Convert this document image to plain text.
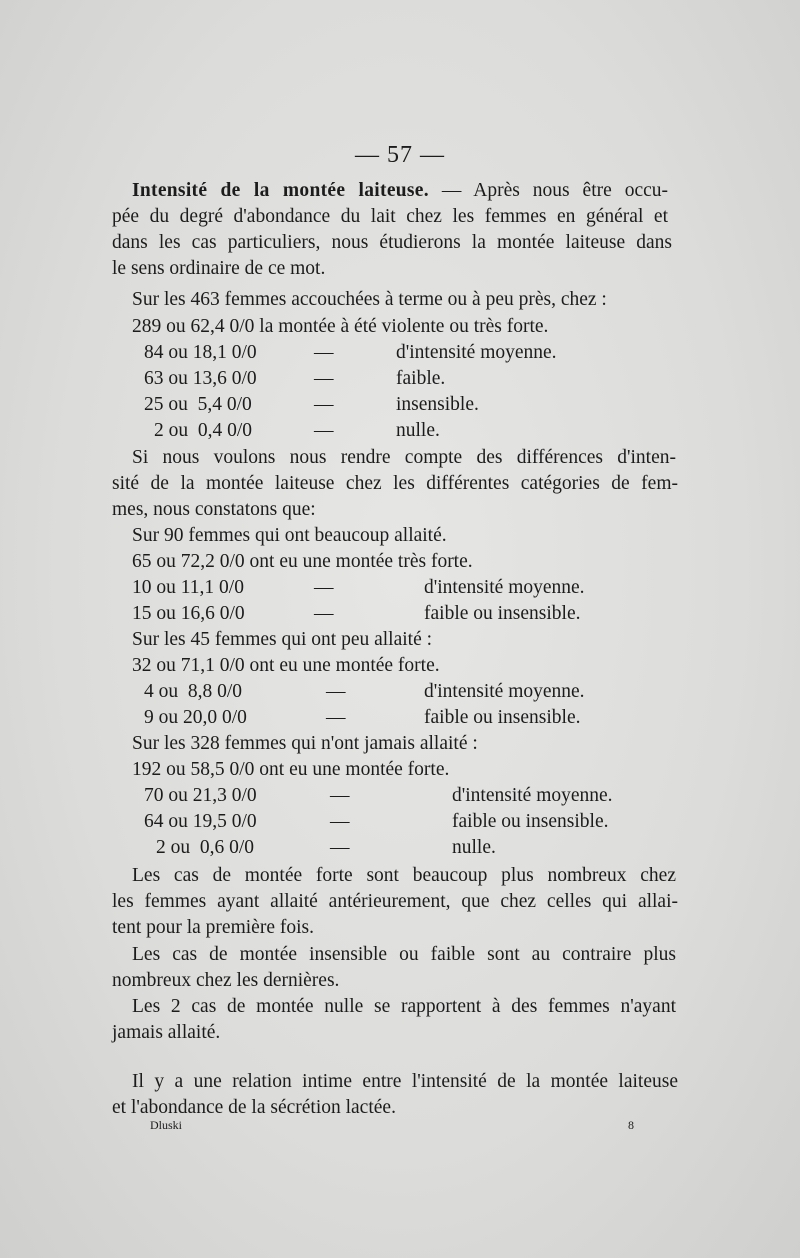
— 57 —
Intensité de la montée laiteuse. — Après nous être occu-
pée du degré d'abondance du lait chez les femmes en général et
dans les cas particuliers, nous étudierons la montée laiteuse dans
le sens ordinaire de ce mot.
Sur les 463 femmes accouchées à terme ou à peu près, chez :
289 ou 62,4 0/0 la montée à été violente ou très forte.
84 ou 18,1 0/0	—	d'intensité moyenne.
63 ou 13,6 0/0	—	faible.
25 ou  5,4 0/0	—	insensible.
2 ou  0,4 0/0	—	nulle.
Si nous voulons nous rendre compte des différences d'inten-
sité de la montée laiteuse chez les différentes catégories de fem-
mes, nous constatons que:
Sur 90 femmes qui ont beaucoup allaité.
65 ou 72,2 0/0 ont eu une montée très forte.
10 ou 11,1 0/0	—	d'intensité moyenne.
15 ou 16,6 0/0	—	faible ou insensible.
Sur les 45 femmes qui ont peu allaité :
32 ou 71,1 0/0 ont eu une montée forte.
4 ou  8,8 0/0	—	d'intensité moyenne.
9 ou 20,0 0/0	—	faible ou insensible.
Sur les 328 femmes qui n'ont jamais allaité :
192 ou 58,5 0/0 ont eu une montée forte.
70 ou 21,3 0/0	—	d'intensité moyenne.
64 ou 19,5 0/0	—	faible ou insensible.
2 ou  0,6 0/0	—	nulle.
Les cas de montée forte sont beaucoup plus nombreux chez
les femmes ayant allaité antérieurement, que chez celles qui allai-
tent pour la première fois.
Les cas de montée insensible ou faible sont au contraire plus
nombreux chez les dernières.
Les 2 cas de montée nulle se rapportent à des femmes n'ayant
jamais allaité.
Il y a une relation intime entre l'intensité de la montée laiteuse
et l'abondance de la sécrétion lactée.
Dluski	8
